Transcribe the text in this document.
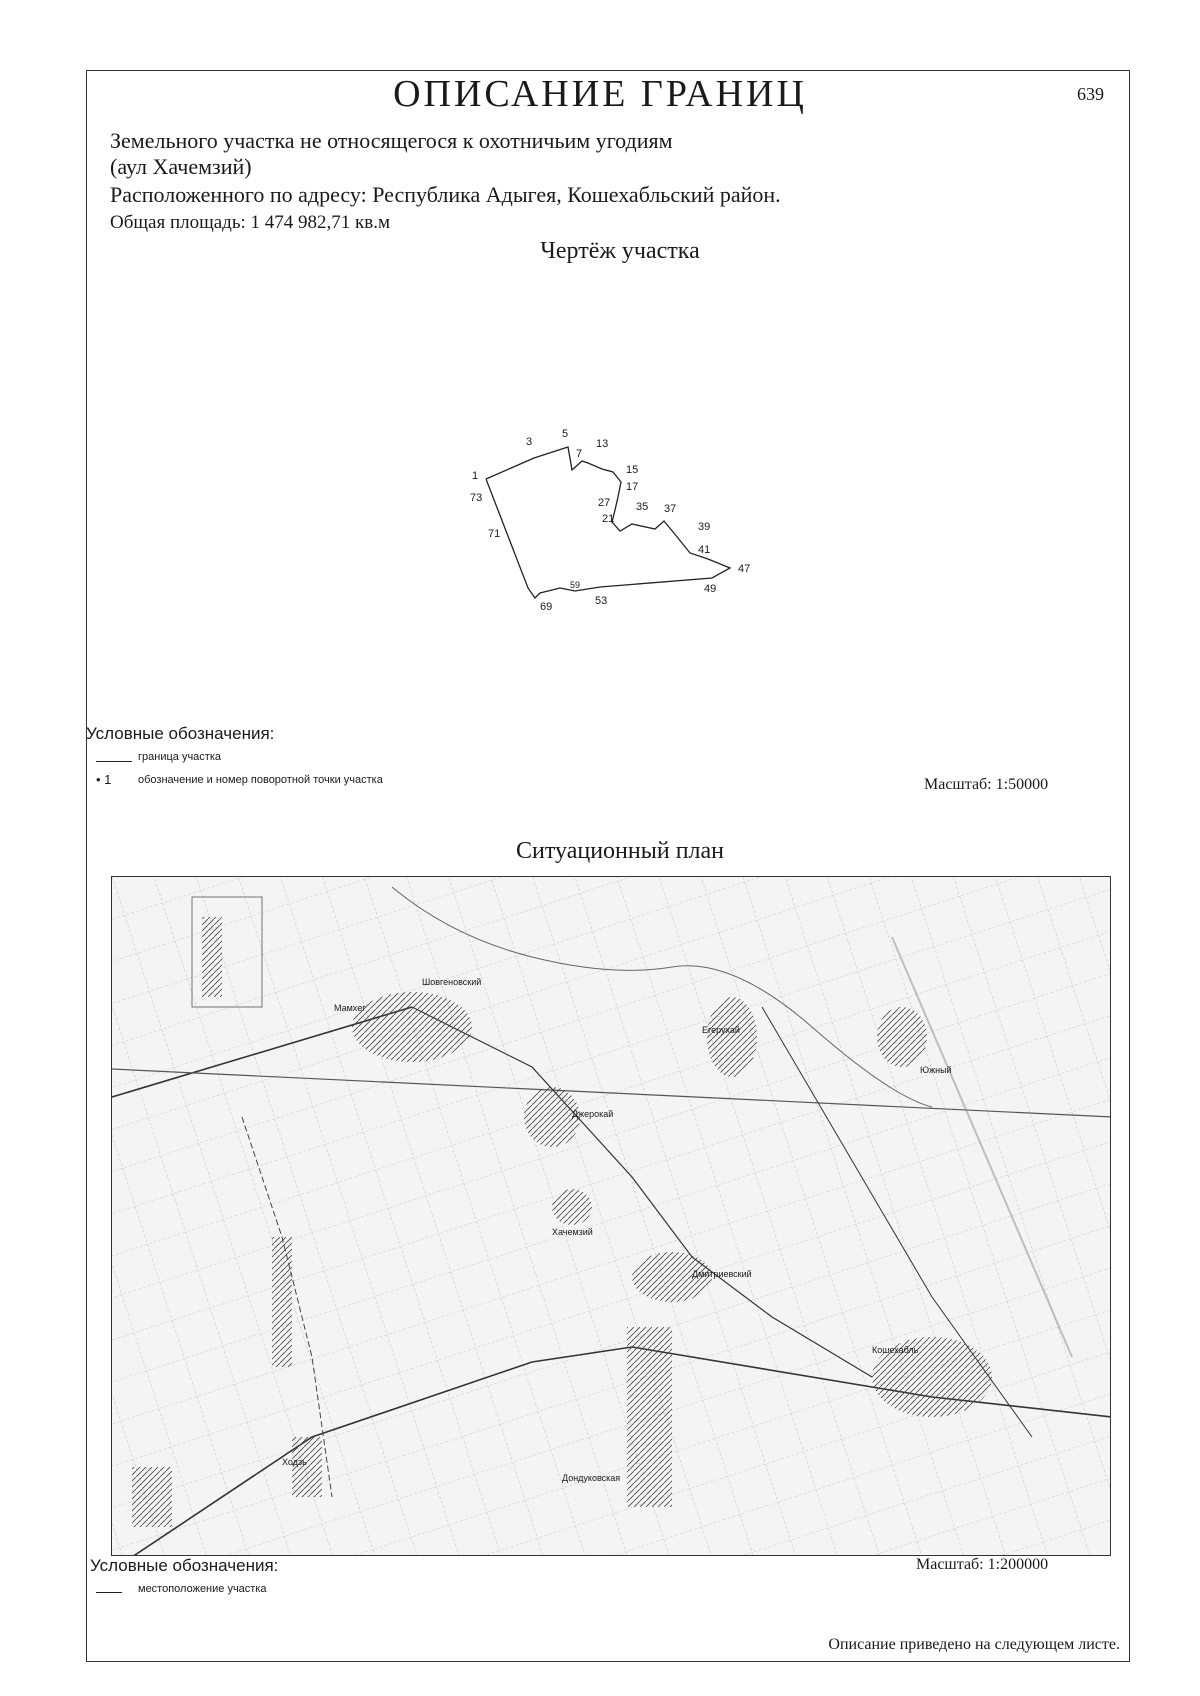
ОПИСАНИЕ ГРАНИЦ	639
Земельного участка не относящегося к охотничьим угодиям
(аул Хачемзий)
Расположенного по адресу: Республика Адыгея, Кошехабльский район.
Общая площадь: 1 474 982,71 кв.м
Чертёж участка
1
3
5
7
13
15
17
27
21
35 37
39
41
47
49
53
59
69
71
73
Условные обозначения:
граница участка
• 1 обозначение и номер поворотной точки участка	Масштаб: 1:50000
Ситуационный план
Мамхег
Шовгеновский
Джерокай
Хачемзий
Егерухай
Дмитриевский
Южный
Кошехабль
Дондуковская
Ходзь
Условные обозначения:	Масштаб: 1:200000
местоположение участка
Описание приведено на следующем листе.
